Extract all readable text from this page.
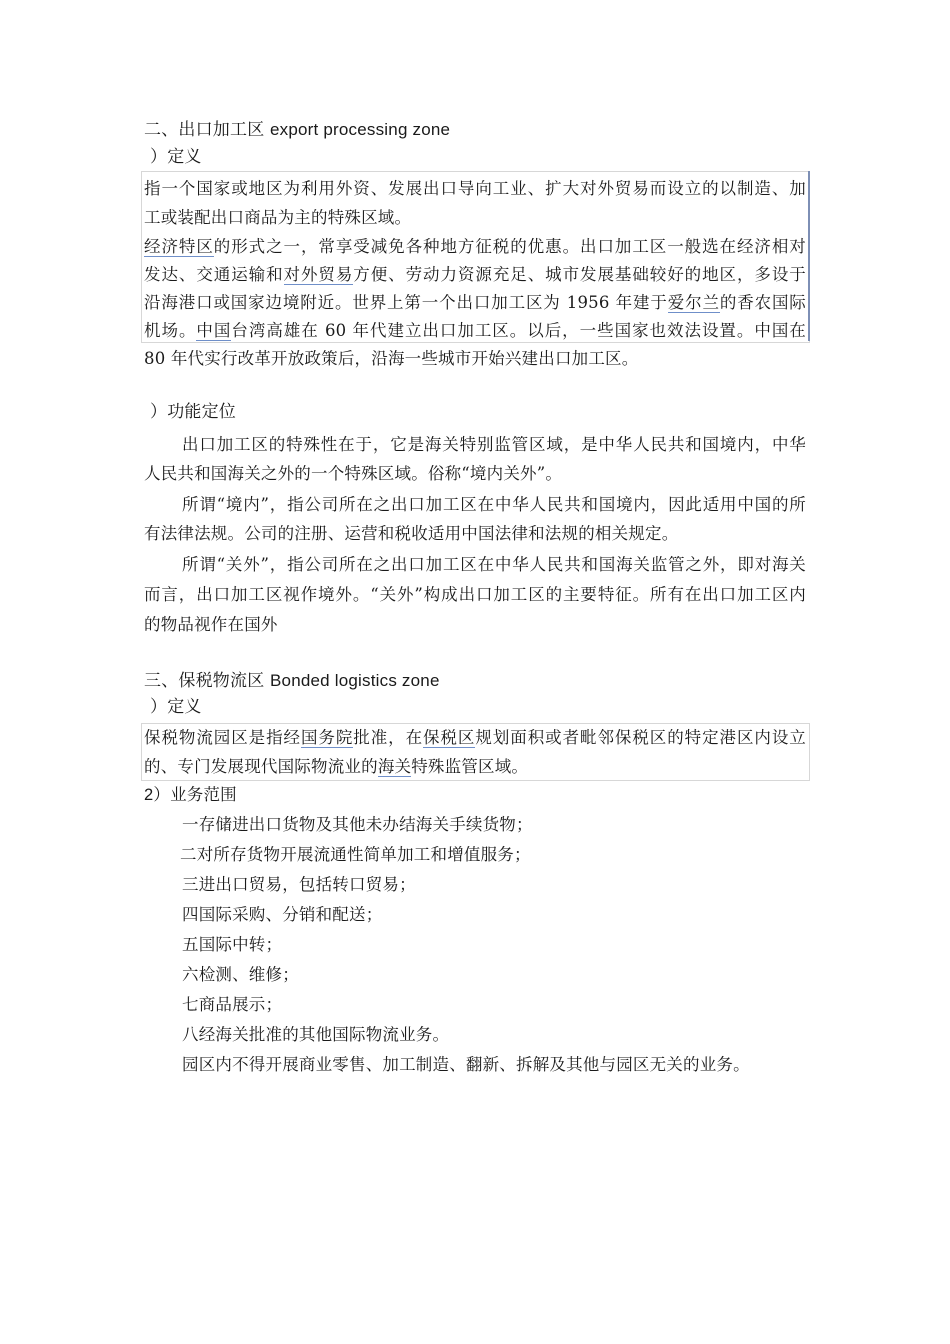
二、出口加工区 export processing zone
）定义
指一个国家或地区为利用外资、发展出口导向工业、扩大对外贸易而设立的以制造、加
工或装配出口商品为主的特殊区域。
经济特区的形式之一，常享受减免各种地方征税的优惠。出口加工区一般选在经济相对
发达、交通运输和对外贸易方便、劳动力资源充足、城市发展基础较好的地区，多设于
沿海港口或国家边境附近。世界上第一个出口加工区为 1956 年建于爱尔兰的香农国际
机场。中国台湾高雄在 60 年代建立出口加工区。以后，一些国家也效法设置。中国在
80 年代实行改革开放政策后，沿海一些城市开始兴建出口加工区。
）功能定位
出口加工区的特殊性在于，它是海关特别监管区域，是中华人民共和国境内，中华
人民共和国海关之外的一个特殊区域。俗称“境内关外”。
所谓“境内”，指公司所在之出口加工区在中华人民共和国境内，因此适用中国的所
有法律法规。公司的注册、运营和税收适用中国法律和法规的相关规定。
所谓“关外”，指公司所在之出口加工区在中华人民共和国海关监管之外，即对海关
而言，出口加工区视作境外。“关外”构成出口加工区的主要特征。所有在出口加工区内
的物品视作在国外
三、保税物流区 Bonded logistics zone
）定义
保税物流园区是指经国务院批准，在保税区规划面积或者毗邻保税区的特定港区内设立
的、专门发展现代国际物流业的海关特殊监管区域。
2）业务范围
一存储进出口货物及其他未办结海关手续货物；
二对所存货物开展流通性简单加工和增值服务；
三进出口贸易，包括转口贸易；
四国际采购、分销和配送；
五国际中转；
六检测、维修；
七商品展示；
八经海关批准的其他国际物流业务。
园区内不得开展商业零售、加工制造、翻新、拆解及其他与园区无关的业务。
